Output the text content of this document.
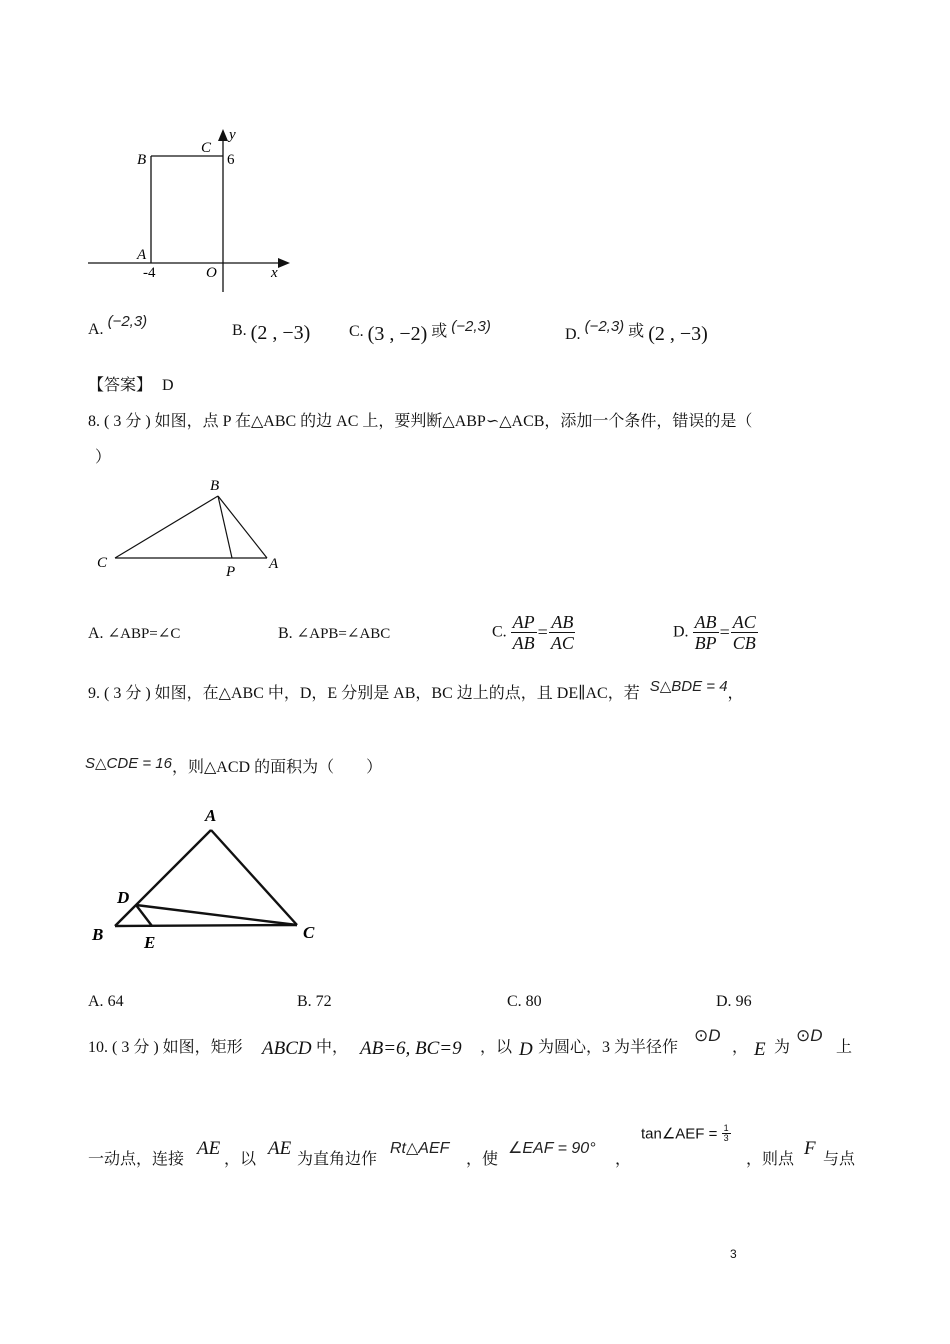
y
C
B	6
A
-4	O	x
A. (−2,3)
B. (2 , −3) C. (3 , −2) 或 (−2,3)	D. (−2,3) 或 (2 , −3)
【答案】 D
8. ( 3 分 ) 如图，点 P 在△ABC 的边 AC 上，要判断△ABP∽△ACB，添加一个条件，错误的是（
）
B
C
P A
A. ∠ABP=∠C	B. ∠APB=∠ABC	C. $\frac{AP}{AB} = \frac{AB}{AC}$	D. $\frac{AB}{BP} = \frac{AC}{CB}$
9. ( 3 分 ) 如图，在△ABC 中，D，E 分别是 AB，BC 边上的点，且 DE∥AC，若 S△BDE = 4，
S△CDE = 16，则△ACD 的面积为（　　）
A
D
B E
C
A. 64	B. 72	C. 80	D. 96
10. ( 3 分 ) 如图，矩形 ABCD 中， AB=6, BC=9 ，以 D 为圆心，3 为半径作
⊙D
， E 为
⊙D
上
一动点，连接
AE
，以
AE
为直角边作
Rt△AEF
，使
∠EAF = 90°
，
tan∠AEF = $\frac{1}{3}$
，则点
F
与点
3
